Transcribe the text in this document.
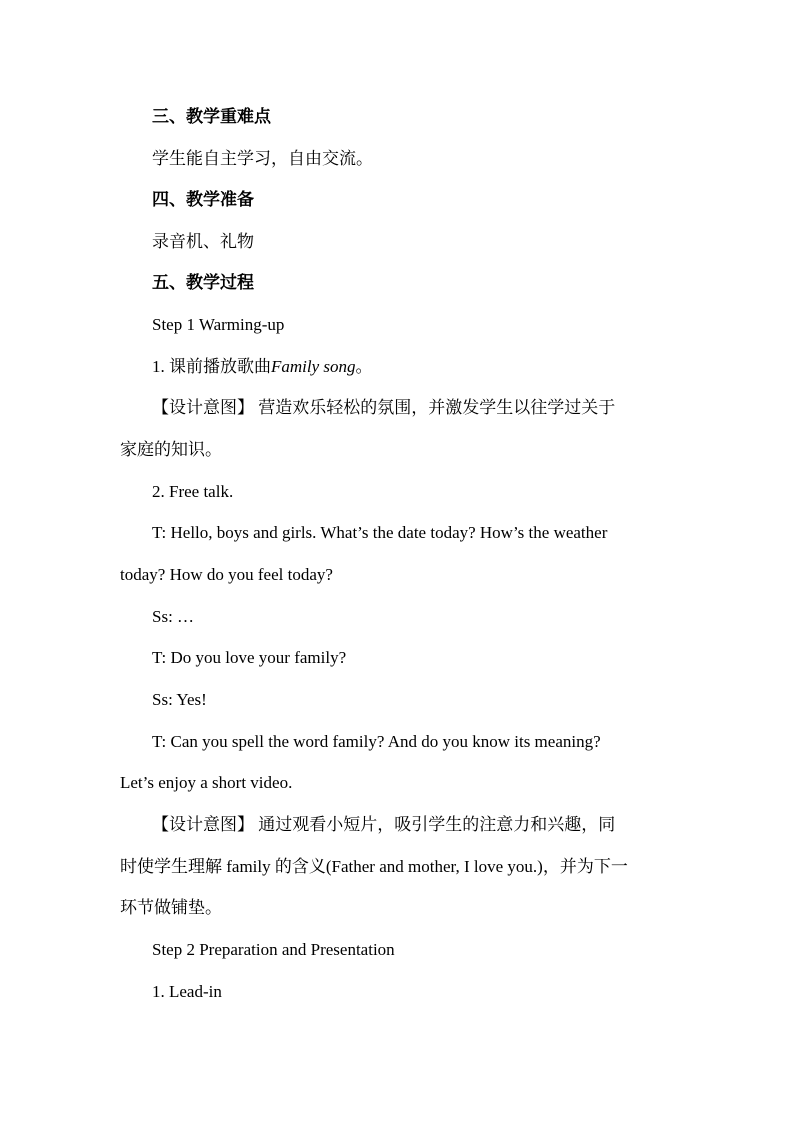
三、教学重难点
学生能自主学习，自由交流。
四、教学准备
录音机、礼物
五、教学过程
Step 1 Warming-up
1. 课前播放歌曲Family song。
【设计意图】 营造欢乐轻松的氛围，并激发学生以往学过关于
家庭的知识。
2. Free talk.
T: Hello, boys and girls. What’s the date today? How’s the weather
today? How do you feel today?
Ss: …
T: Do you love your family?
Ss: Yes!
T: Can you spell the word family? And do you know its meaning?
Let’s enjoy a short video.
【设计意图】 通过观看小短片，吸引学生的注意力和兴趣，同
时使学生理解 family 的含义(Father and mother, I love you.)，并为下一
环节做铺垫。
Step 2 Preparation and Presentation
1. Lead-in
